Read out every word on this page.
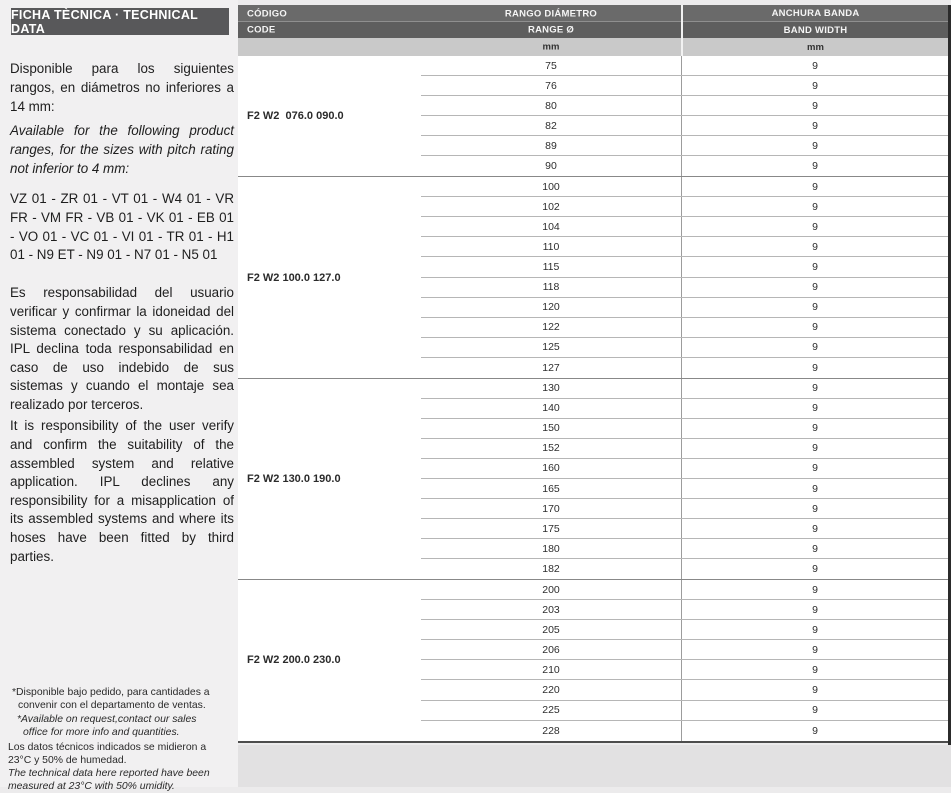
FICHA TÈCNICA · TECHNICAL DATA

Disponible para los siguientes rangos, en diámetros no inferiores a 14 mm:

Available for the following product ranges, for the sizes with pitch rating not inferior to 4 mm:

VZ 01 - ZR 01 - VT 01 - W4 01 - VR FR - VM FR - VB 01 - VK 01 - EB 01 - VO 01 - VC 01 - VI 01 - TR 01 - H1 01 - N9 ET - N9 01 - N7 01 - N5 01

Es responsabilidad del usuario verificar y confirmar la idoneidad del sistema conectado y su aplicación. IPL declina toda responsabilidad en caso de uso indebido de sus sistemas y cuando el montaje sea realizado por terceros.

It is responsibility of the user verify and confirm the suitability of the assembled system and relative application. IPL declines any responsibility for a misapplication of its assembled systems and where its hoses have been fitted by third parties.

*Disponible bajo pedido, para cantidades a convenir con el departamento de ventas.

*Available on request,contact our sales office for more info and quantities.

Los datos técnicos indicados se midieron a 23°C y 50% de humedad.

The technical data here reported have been measured at 23°C with 50% umidity.

CÓDIGO	RANGO DIÁMETRO	ANCHURA BANDA
CODE	RANGE Ø	BAND WIDTH
mm	mm
F2 W2  076.0 090.0
75	9
76	9
80	9
82	9
89	9
90	9
F2 W2 100.0 127.0
100	9
102	9
104	9
110	9
115	9
118	9
120	9
122	9
125	9
127	9
F2 W2 130.0 190.0
130	9
140	9
150	9
152	9
160	9
165	9
170	9
175	9
180	9
182	9
F2 W2 200.0 230.0
200	9
203	9
205	9
206	9
210	9
220	9
225	9
228	9
